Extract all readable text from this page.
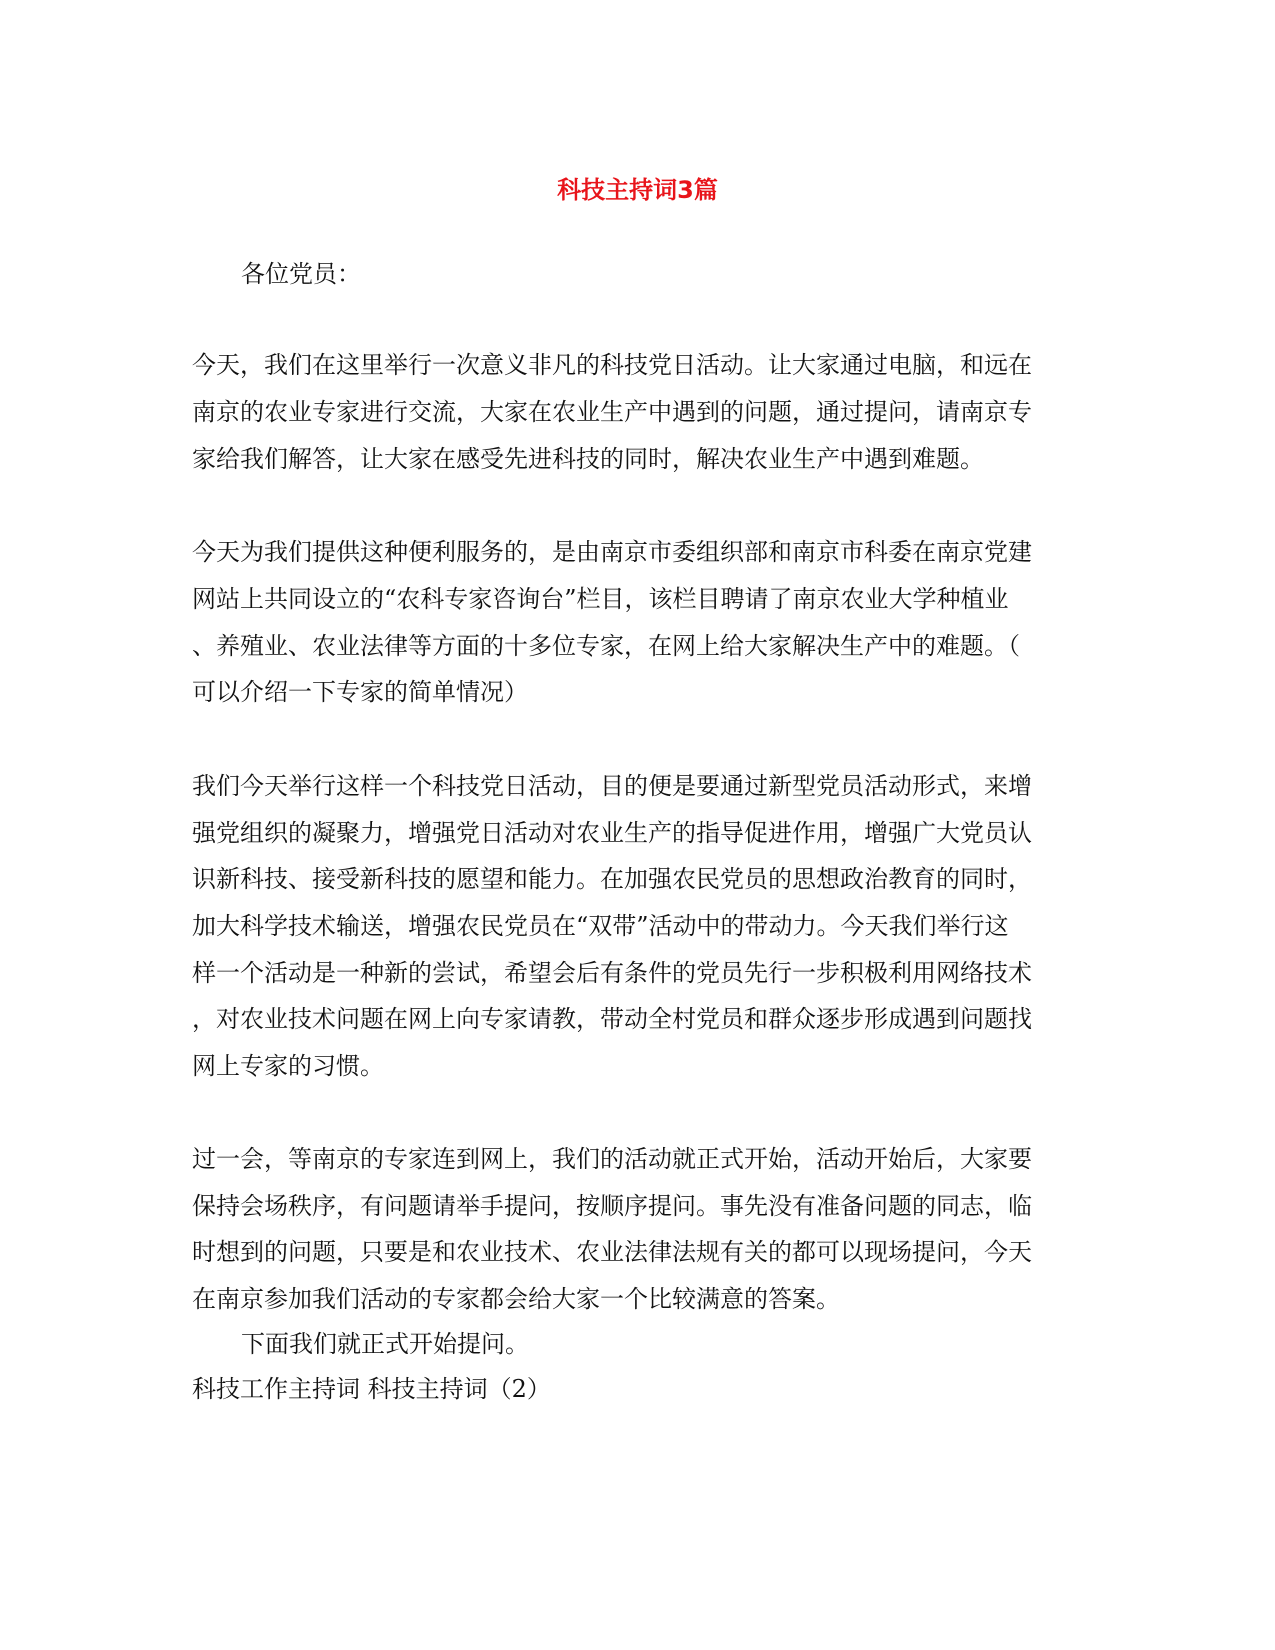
科技主持词3篇
各位党员：
今天，我们在这里举行一次意义非凡的科技党日活动。让大家通过电脑，和远在
南京的农业专家进行交流，大家在农业生产中遇到的问题，通过提问，请南京专
家给我们解答，让大家在感受先进科技的同时，解决农业生产中遇到难题。
今天为我们提供这种便利服务的，是由南京市委组织部和南京市科委在南京党建
网站上共同设立的“农科专家咨询台”栏目，该栏目聘请了南京农业大学种植业
、养殖业、农业法律等方面的十多位专家，在网上给大家解决生产中的难题。（
可以介绍一下专家的简单情况）
我们今天举行这样一个科技党日活动，目的便是要通过新型党员活动形式，来增
强党组织的凝聚力，增强党日活动对农业生产的指导促进作用，增强广大党员认
识新科技、接受新科技的愿望和能力。在加强农民党员的思想政治教育的同时，
加大科学技术输送，增强农民党员在“双带”活动中的带动力。今天我们举行这
样一个活动是一种新的尝试，希望会后有条件的党员先行一步积极利用网络技术
，对农业技术问题在网上向专家请教，带动全村党员和群众逐步形成遇到问题找
网上专家的习惯。
过一会，等南京的专家连到网上，我们的活动就正式开始，活动开始后，大家要
保持会场秩序，有问题请举手提问，按顺序提问。事先没有准备问题的同志，临
时想到的问题，只要是和农业技术、农业法律法规有关的都可以现场提问，今天
在南京参加我们活动的专家都会给大家一个比较满意的答案。
下面我们就正式开始提问。
科技工作主持词 科技主持词（2）
